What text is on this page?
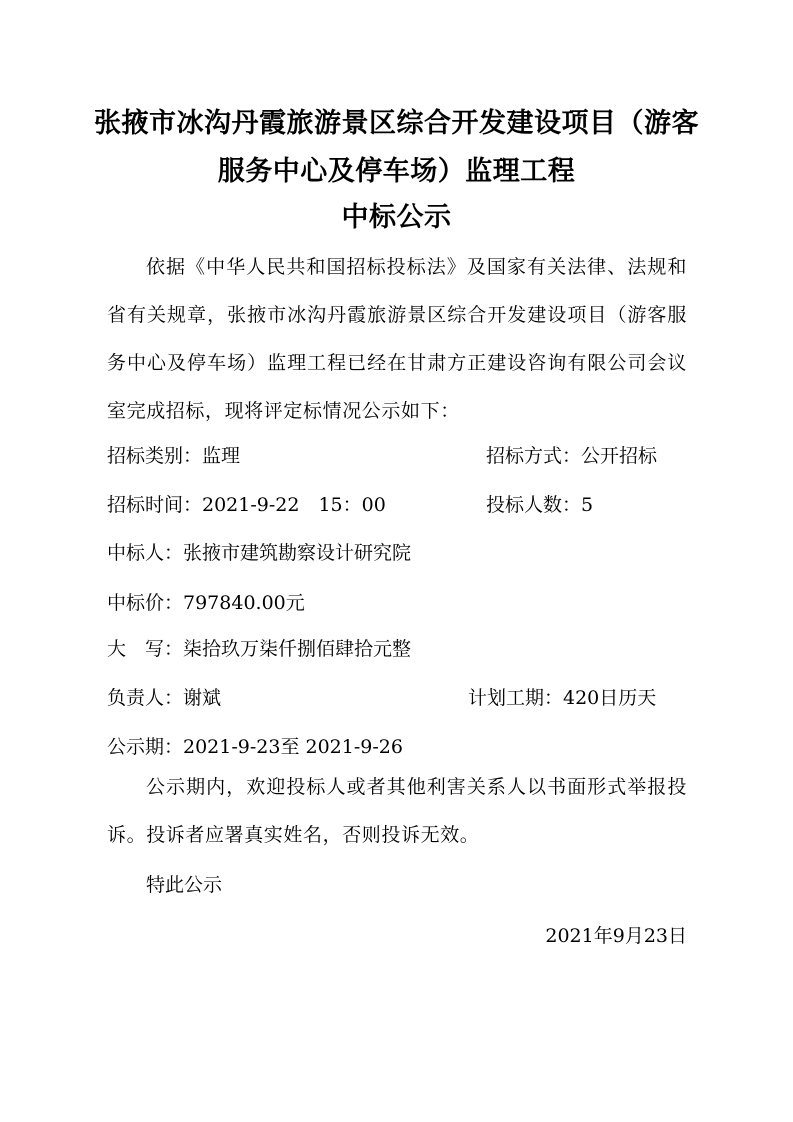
张掖市冰沟丹霞旅游景区综合开发建设项目（游客
服务中心及停车场）监理工程
中标公示

依据《中华人民共和国招标投标法》及国家有关法律、法规和省有关规章，张掖市冰沟丹霞旅游景区综合开发建设项目（游客服务中心及停车场）监理工程已经在甘肃方正建设咨询有限公司会议室完成招标，现将评定标情况公示如下：

招标类别：监理	招标方式：公开招标
招标时间：2021-9-22　15：00	投标人数：5
中标人：张掖市建筑勘察设计研究院
中标价：797840.00元
大　写：柒拾玖万柒仟捌佰肆拾元整
负责人：谢斌	计划工期：420日历天
公示期：2021-9-23至 2021-9-26

公示期内，欢迎投标人或者其他利害关系人以书面形式举报投诉。投诉者应署真实姓名，否则投诉无效。

特此公示
2021年9月23日
